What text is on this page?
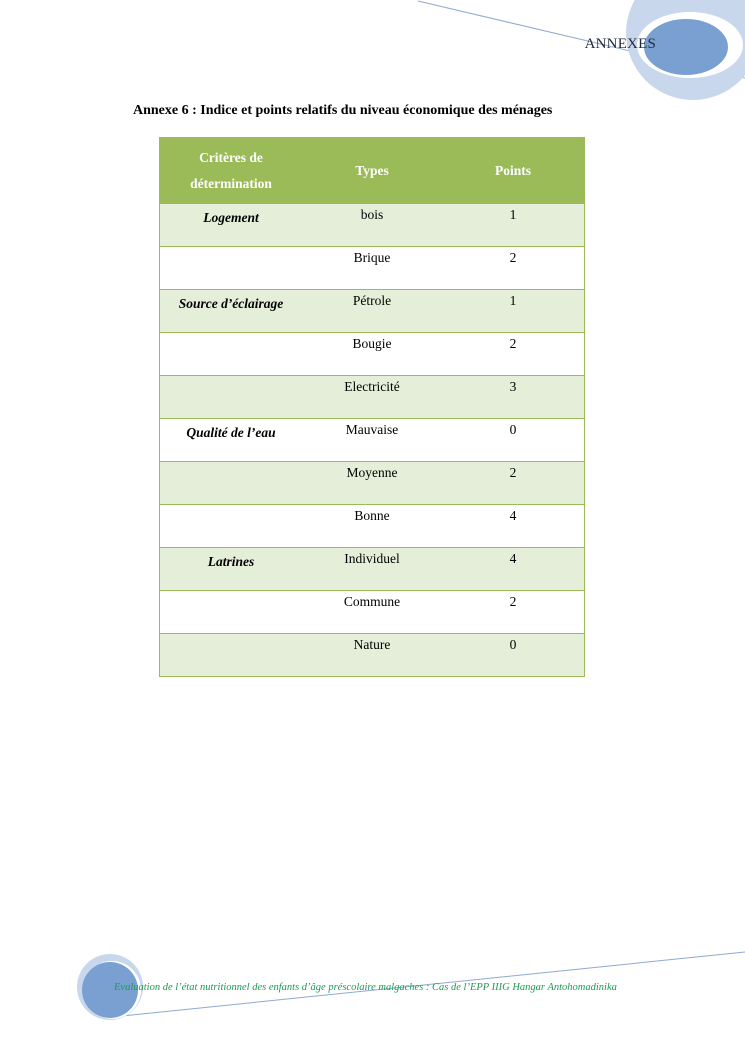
ANNEXES
Annexe 6 : Indice et points relatifs du niveau économique des ménages
Critères de détermination	Types	Points
Logement	bois	1
	Brique	2
Source d’éclairage	Pétrole	1
	Bougie	2
	Electricité	3
Qualité de l’eau	Mauvaise	0
	Moyenne	2
	Bonne	4
Latrines	Individuel	4
	Commune	2
	Nature	0
Evaluation de l’état nutritionnel des enfants d’âge préscolaire malgaches : Cas de l’EPP IIIG Hangar Antohomadinika
